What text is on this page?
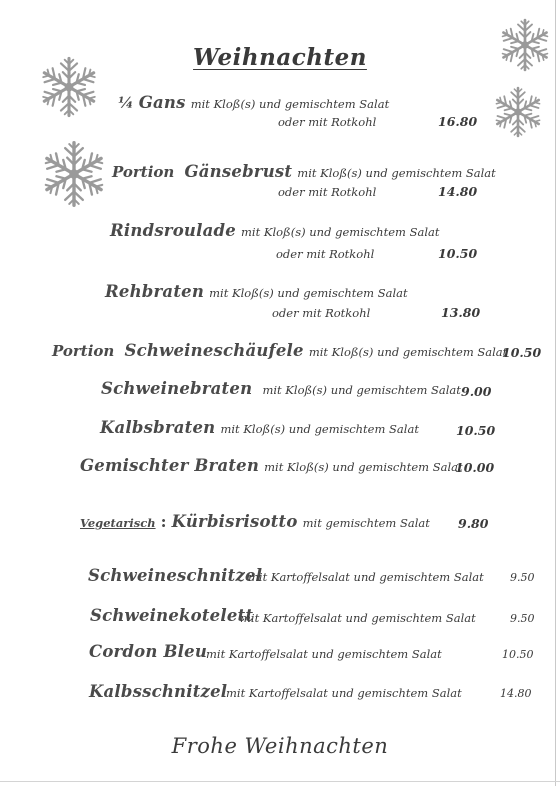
Weihnachten
¼ Gans mit Kloß(s) und gemischtem Salat
oder mit Rotkohl	16.80
Portion Gänsebrust mit Kloß(s) und gemischtem Salat
oder mit Rotkohl	14.80
Rindsroulade mit Kloß(s) und gemischtem Salat
oder mit Rotkohl	10.50
Rehbraten mit Kloß(s) und gemischtem Salat
oder mit Rotkohl	13.80
Portion Schweineschäufele mit Kloß(s) und gemischtem Salat
10.50
Schweinebraten mit Kloß(s) und gemischtem Salat 9.00
Kalbsbraten mit Kloß(s) und gemischtem Salat	10.50
Gemischter Braten mit Kloß(s) und gemischtem Salat
10.00
Vegetarisch : Kürbisrisotto mit gemischtem Salat 9.80
Schweineschnitzel
mit Kartoffelsalat und gemischtem Salat 9.50
Schweinekotelett
mit Kartoffelsalat und gemischtem Salat	9.50
Cordon Bleu
mit Kartoffelsalat und gemischtem Salat	10.50
Kalbsschnitzel
mit Kartoffelsalat und gemischtem Salat	14.80
Frohe Weihnachten
